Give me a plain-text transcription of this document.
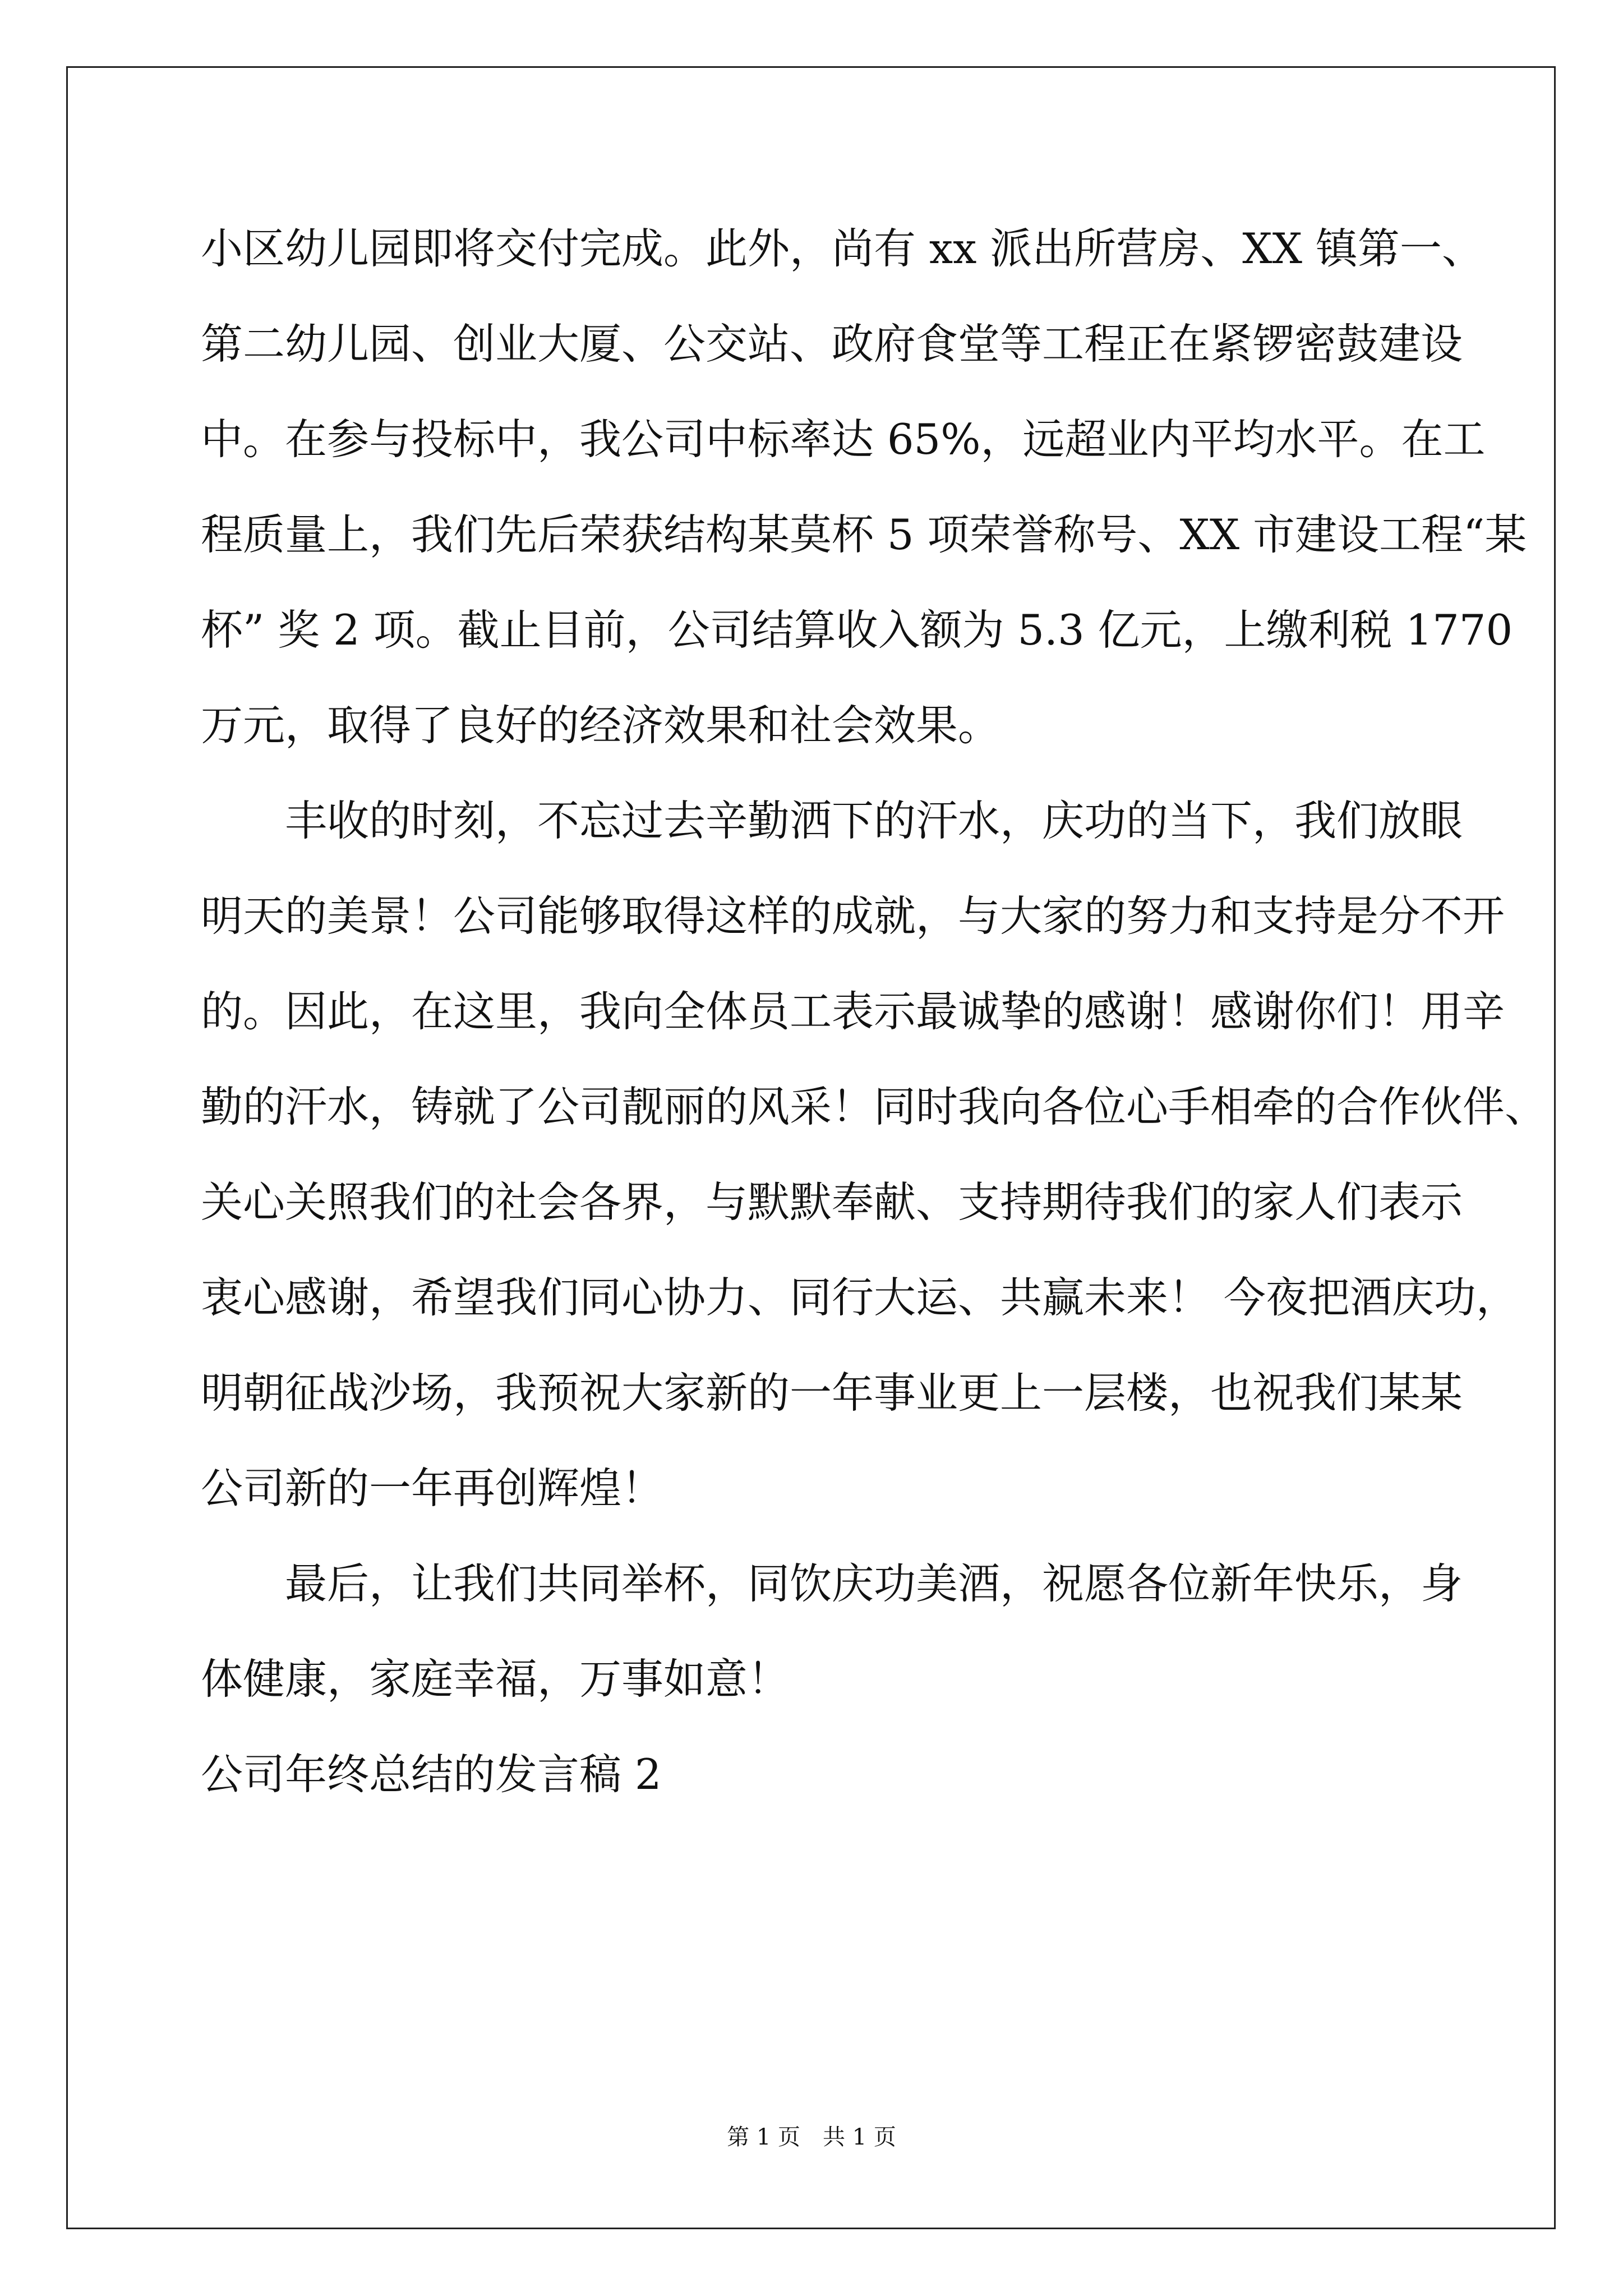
小区幼儿园即将交付完成。此外，尚有 xx 派出所营房、XX 镇第一、
第二幼儿园、创业大厦、公交站、政府食堂等工程正在紧锣密鼓建设
中。在参与投标中，我公司中标率达 65%，远超业内平均水平。在工
程质量上，我们先后荣获结构某莫杯 5 项荣誉称号、XX 市建设工程“某
杯” 奖 2 项。截止目前，公司结算收入额为 5.3 亿元，上缴利税 1770
万元，取得了良好的经济效果和社会效果。
丰收的时刻，不忘过去辛勤洒下的汗水，庆功的当下，我们放眼
明天的美景！公司能够取得这样的成就，与大家的努力和支持是分不开
的。因此，在这里，我向全体员工表示最诚挚的感谢！感谢你们！用辛
勤的汗水，铸就了公司靓丽的风采！同时我向各位心手相牵的合作伙伴、
关心关照我们的社会各界，与默默奉献、支持期待我们的家人们表示
衷心感谢，希望我们同心协力、同行大运、共赢未来！ 今夜把酒庆功，
明朝征战沙场，我预祝大家新的一年事业更上一层楼，也祝我们某某
公司新的一年再创辉煌！
最后，让我们共同举杯，同饮庆功美酒，祝愿各位新年快乐，身
体健康，家庭幸福，万事如意！
公司年终总结的发言稿 2
第 1 页　共 1 页
